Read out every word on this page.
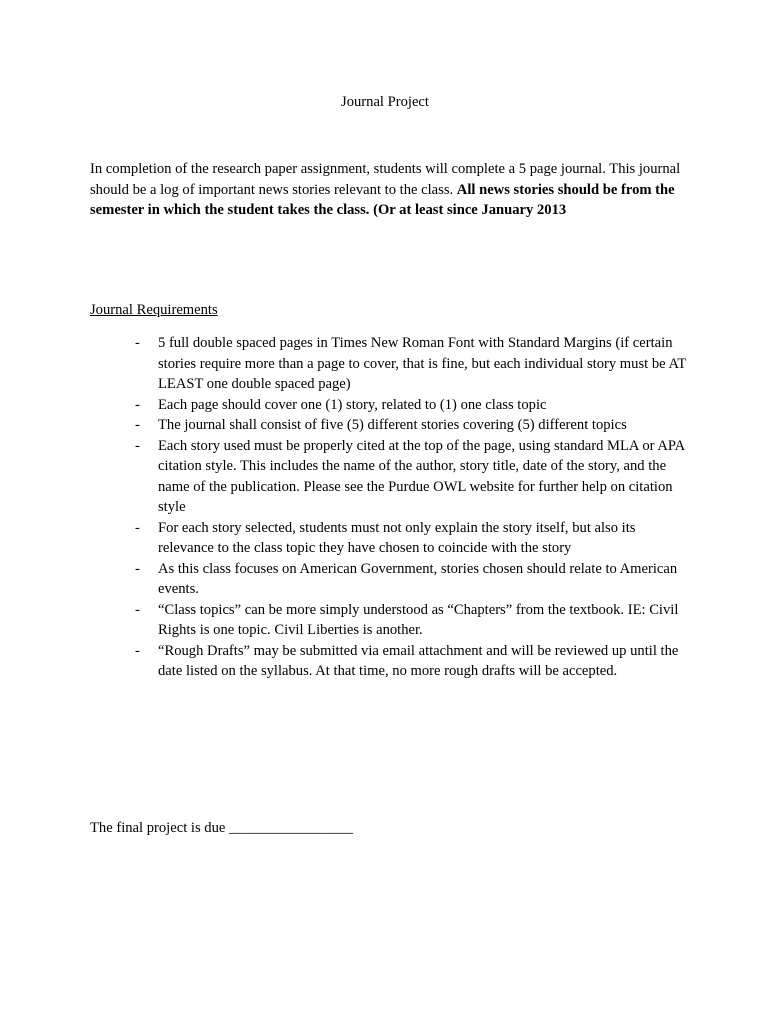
Journal Project

In completion of the research paper assignment, students will complete a 5 page journal. This journal should be a log of important news stories relevant to the class. All news stories should be from the semester in which the student takes the class. (Or at least since January 2013

Journal Requirements
- 5 full double spaced pages in Times New Roman Font with Standard Margins (if certain stories require more than a page to cover, that is fine, but each individual story must be AT LEAST one double spaced page)
- Each page should cover one (1) story, related to (1) one class topic
- The journal shall consist of five (5) different stories covering (5) different topics
- Each story used must be properly cited at the top of the page, using standard MLA or APA citation style. This includes the name of the author, story title, date of the story, and the name of the publication. Please see the Purdue OWL website for further help on citation style
- For each story selected, students must not only explain the story itself, but also its relevance to the class topic they have chosen to coincide with the story
- As this class focuses on American Government, stories chosen should relate to American events.
- “Class topics” can be more simply understood as “Chapters” from the textbook. IE: Civil Rights is one topic. Civil Liberties is another.
- “Rough Drafts” may be submitted via email attachment and will be reviewed up until the date listed on the syllabus. At that time, no more rough drafts will be accepted.
The final project is due _________________
